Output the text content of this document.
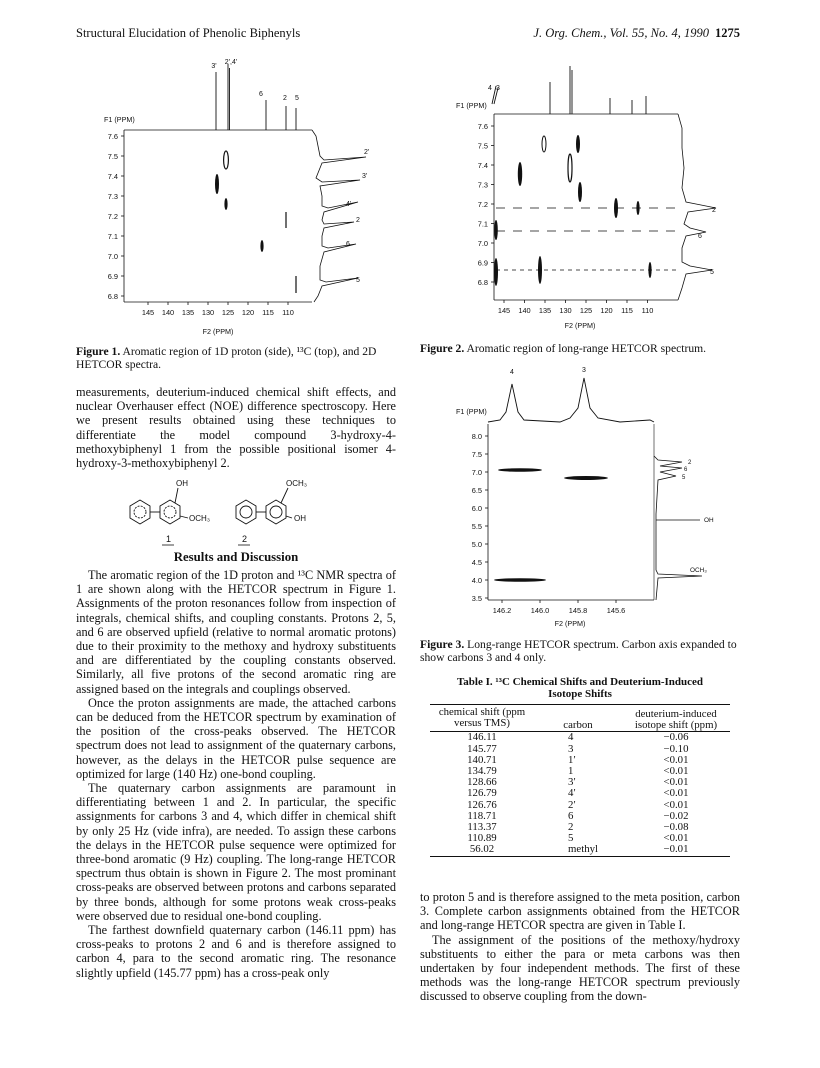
Structural Elucidation of Phenolic Biphenyls	J. Org. Chem., Vol. 55, No. 4, 1990 1275
3'
2',4'
6
2 5
F1 (PPM)
7.6
7.5
7.4
7.3
7.2
7.1
7.0
6.9
6.8
145 140 135 130 125 120 115 110
2'
3'
4'
2
6
5
F2 (PPM)
Figure 1. Aromatic region of 1D proton (side), ¹³C (top), and 2D HETCOR spectra.

measurements, deuterium-induced chemical shift effects, and nuclear Overhauser effect (NOE) difference spectroscopy. Here we present results obtained using these techniques to differentiate the model compound 3-hydroxy-4-methoxybiphenyl 1 from the possible positional isomer 4-hydroxy-3-methoxybiphenyl 2.

OH
OCH₃
OCH₃
OH
1	2
Results and Discussion

The aromatic region of the 1D proton and ¹³C NMR spectra of 1 are shown along with the HETCOR spectrum in Figure 1. Assignments of the proton resonances follow from inspection of integrals, chemical shifts, and coupling constants. Protons 2, 5, and 6 are observed upfield (relative to normal aromatic protons) due to their proximity to the methoxy and hydroxy substituents and are differentiated by the coupling constants observed. Similarly, all five protons of the second aromatic ring are assigned based on the integrals and couplings observed.

Once the proton assignments are made, the attached carbons can be deduced from the HETCOR spectrum by examination of the position of the cross-peaks observed. The HETCOR spectrum does not lead to assignment of the quaternary carbons, however, as the delays in the HETCOR pulse sequence are optimized for large (140 Hz) one-bond coupling.

The quaternary carbon assignments are paramount in differentiating between 1 and 2. In particular, the specific assignments for carbons 3 and 4, which differ in chemical shift by only 25 Hz (vide infra), are needed. To assign these carbons the delays in the HETCOR pulse sequence were optimized for three-bond aromatic (9 Hz) coupling. The long-range HETCOR spectrum thus obtain is shown in Figure 2. The most prominant cross-peaks are observed between protons and carbons separated by three bonds, although for some protons weak cross-peaks were observed due to residual one-bond coupling.

The farthest downfield quaternary carbon (146.11 ppm) has cross-peaks to protons 2 and 6 and is therefore assigned to carbon 4, para to the second aromatic ring. The resonance slightly upfield (145.77 ppm) has a cross-peak only

4 3
F1 (PPM)
7.6
7.5
7.4
7.3
7.2
7.1
7.0
6.9
6.8
145 140 135 130 125 120 115 110
2
6
5
F2 (PPM)
Figure 2. Aromatic region of long-range HETCOR spectrum.
4	3
F1 (PPM)
8.0
7.5
7.0
6.5
6.0
5.5
5.0
4.5
4.0
3.5
146.2	146.0	145.8	145.6
2
6
5
OH
OCH₃
F2 (PPM)
Figure 3. Long-range HETCOR spectrum. Carbon axis expanded to show carbons 3 and 4 only.
Table I. ¹³C Chemical Shifts and Deuterium-Induced Isotope Shifts
chemical shift (ppm versus TMS)	carbon	deuterium-induced isotope shift (ppm)
146.11	4	−0.06
145.77	3	−0.10
140.71	1′	<0.01
134.79	1	<0.01
128.66	3′	<0.01
126.79	4′	<0.01
126.76	2′	<0.01
118.71	6	−0.02
113.37	2	−0.08
110.89	5	<0.01
56.02	methyl	−0.01

to proton 5 and is therefore assigned to the meta position, carbon 3. Complete carbon assignments obtained from the HETCOR and long-range HETCOR spectra are given in Table I.

The assignment of the positions of the methoxy/hydroxy substituents to either the para or meta carbons was then undertaken by four independent methods. The first of these methods was the long-range HETCOR spectrum previously discussed to observe coupling from the down-
